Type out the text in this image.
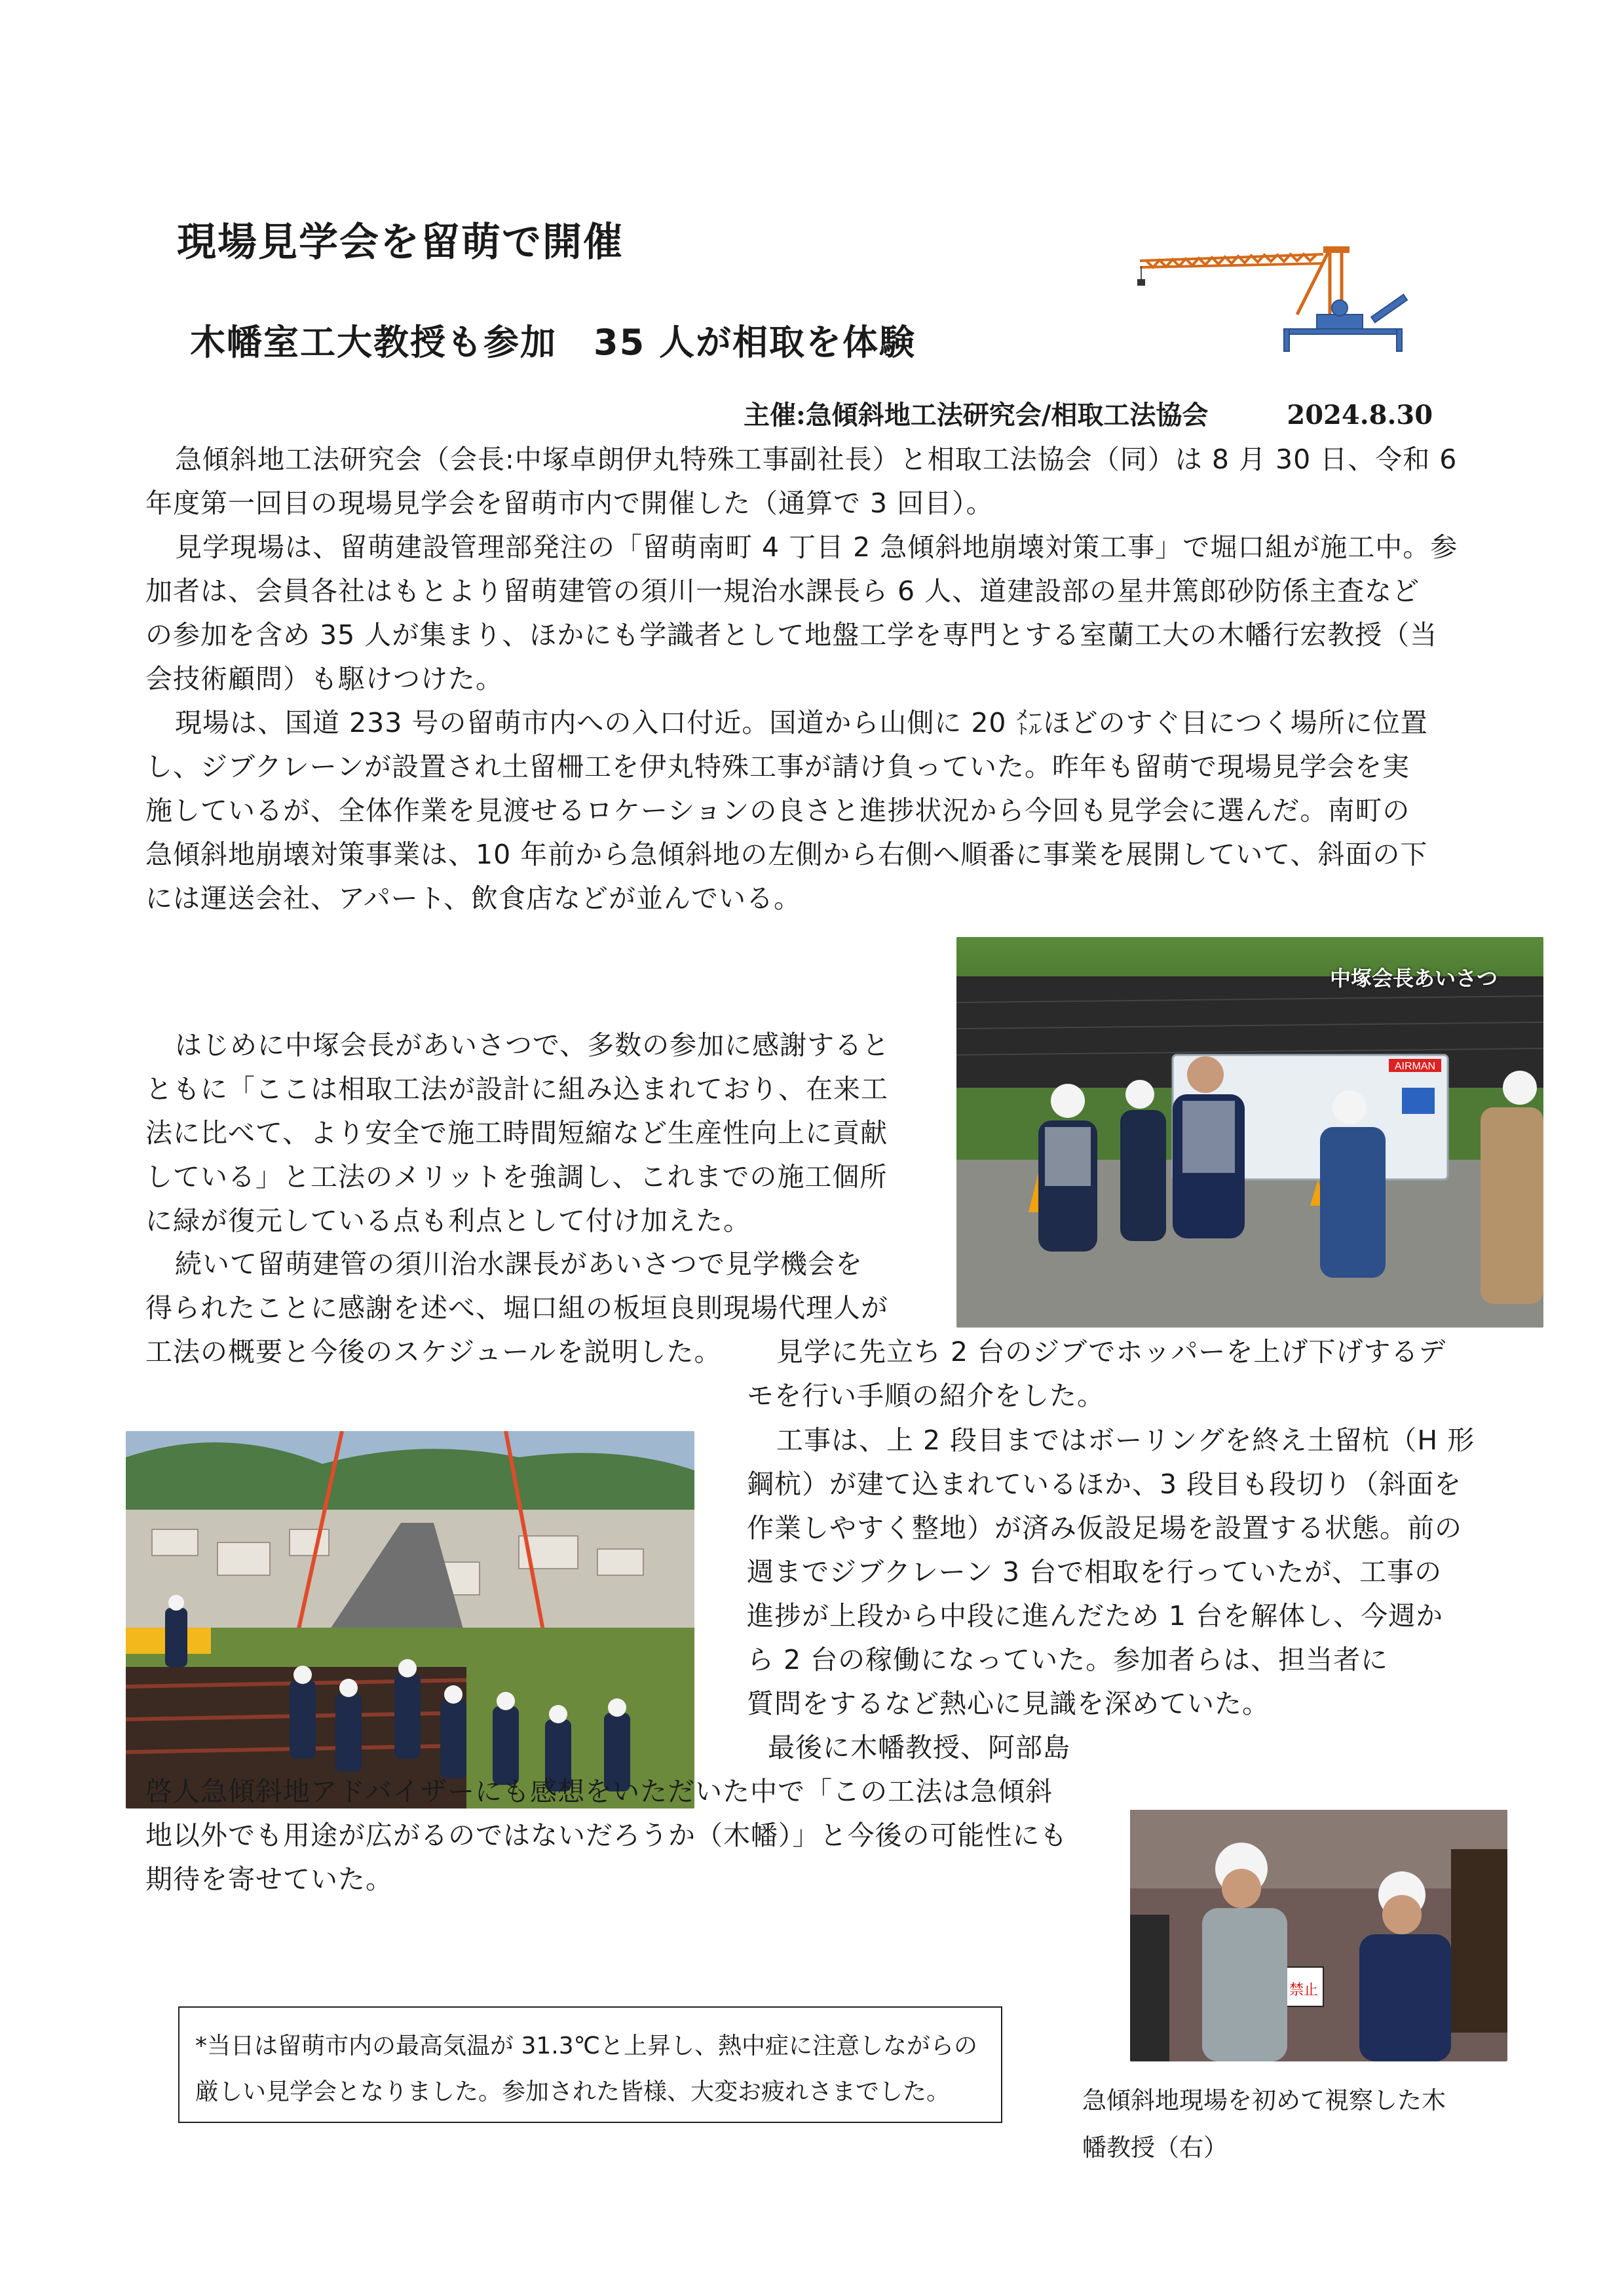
現場見学会を留萌で開催
木幡室工大教授も参加　35 人が相取を体験
主催:急傾斜地工法研究会/相取工法協会	2024.8.30

急傾斜地工法研究会（会長:中塚卓朗伊丸特殊工事副社長）と相取工法協会（同）は 8 月 30 日、令和 6

年度第一回目の現場見学会を留萌市内で開催した（通算で 3 回目）。

見学現場は、留萌建設管理部発注の「留萌南町 4 丁目 2 急傾斜地崩壊対策工事」で堀口組が施工中。参

加者は、会員各社はもとより留萌建管の須川一規治水課長ら 6 人、道建設部の星井篤郎砂防係主査など

の参加を含め 35 人が集まり、ほかにも学識者として地盤工学を専門とする室蘭工大の木幡行宏教授（当

会技術顧問）も駆けつけた。

現場は、国道 233 号の留萌市内への入口付近。国道から山側に 20 ㍍ほどのすぐ目につく場所に位置

し、ジブクレーンが設置され土留柵工を伊丸特殊工事が請け負っていた。昨年も留萌で現場見学会を実

施しているが、全体作業を見渡せるロケーションの良さと進捗状況から今回も見学会に選んだ。南町の

急傾斜地崩壊対策事業は、10 年前から急傾斜地の左側から右側へ順番に事業を展開していて、斜面の下

には運送会社、アパート、飲食店などが並んでいる。

AIRMAN
中塚会長あいさつ

はじめに中塚会長があいさつで、多数の参加に感謝すると

ともに「ここは相取工法が設計に組み込まれており、在来工

法に比べて、より安全で施工時間短縮など生産性向上に貢献

している」と工法のメリットを強調し、これまでの施工個所

に緑が復元している点も利点として付け加えた。

続いて留萌建管の須川治水課長があいさつで見学機会を

得られたことに感謝を述べ、堀口組の板垣良則現場代理人が

工法の概要と今後のスケジュールを説明した。	見学に先立ち 2 台のジブでホッパーを上げ下げするデ

モを行い手順の紹介をした。

工事は、上 2 段目まではボーリングを終え土留杭（H 形

鋼杭）が建て込まれているほか、3 段目も段切り（斜面を

作業しやすく整地）が済み仮設足場を設置する状態。前の

週までジブクレーン 3 台で相取を行っていたが、工事の

進捗が上段から中段に進んだため 1 台を解体し、今週か

ら 2 台の稼働になっていた。参加者らは、担当者に

質問をするなど熱心に見識を深めていた。

最後に木幡教授、阿部島

啓人急傾斜地アドバイザーにも感想をいただいた中で「この工法は急傾斜

地以外でも用途が広がるのではないだろうか（木幡）」と今後の可能性にも

期待を寄せていた。

禁止

*当日は留萌市内の最高気温が 31.3℃と上昇し、熱中症に注意しながらの

厳しい見学会となりました。参加された皆様、大変お疲れさまでした。	急傾斜地現場を初めて視察した木
幡教授（右）
